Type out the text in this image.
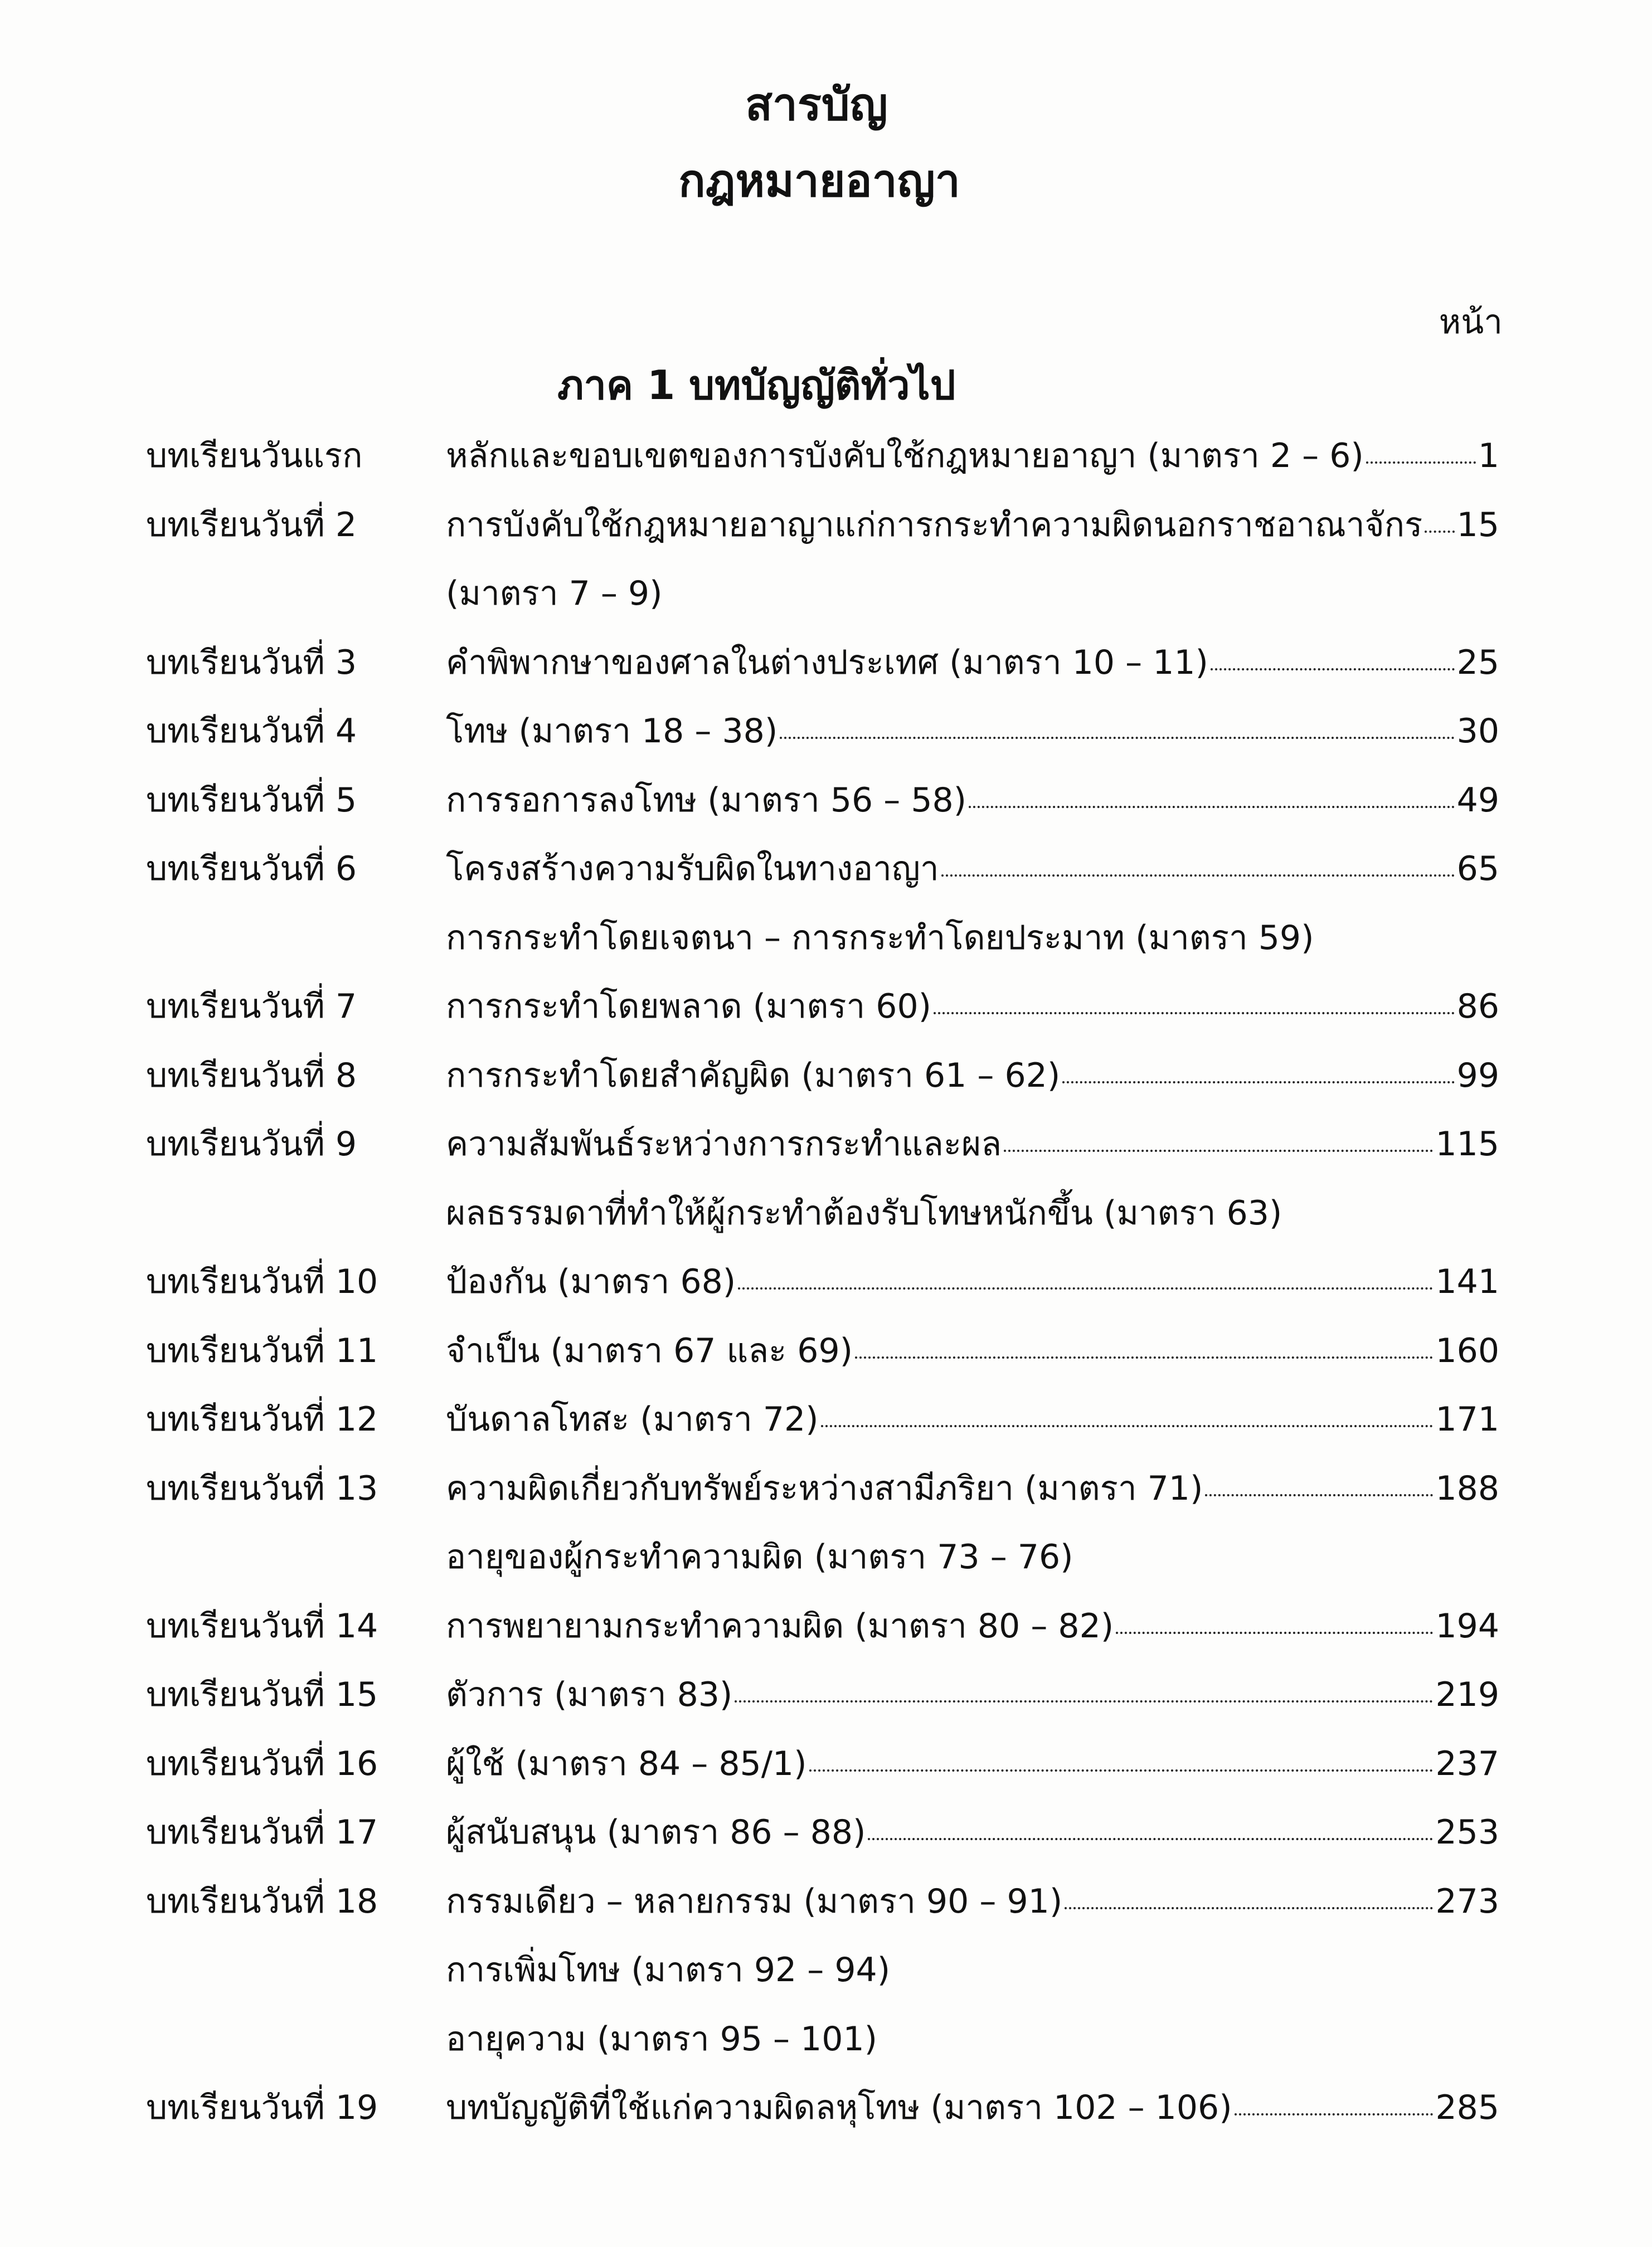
สารบัญ
กฎหมายอาญา
หน้า
ภาค 1 บทบัญญัติทั่วไป
บทเรียนวันแรก	หลักและขอบเขตของการบังคับใช้กฎหมายอาญา (มาตรา 2 – 6)	1
บทเรียนวันที่ 2	การบังคับใช้กฎหมายอาญาแก่การกระทำความผิดนอกราชอาณาจักร 15
(มาตรา 7 – 9)
บทเรียนวันที่ 3	คำพิพากษาของศาลในต่างประเทศ (มาตรา 10 – 11)	25
บทเรียนวันที่ 4	โทษ (มาตรา 18 – 38)	30
บทเรียนวันที่ 5	การรอการลงโทษ (มาตรา 56 – 58)	49
บทเรียนวันที่ 6	โครงสร้างความรับผิดในทางอาญา	65
การกระทำโดยเจตนา – การกระทำโดยประมาท (มาตรา 59)
บทเรียนวันที่ 7	การกระทำโดยพลาด (มาตรา 60)	86
บทเรียนวันที่ 8	การกระทำโดยสำคัญผิด (มาตรา 61 – 62)	99
บทเรียนวันที่ 9	ความสัมพันธ์ระหว่างการกระทำและผล	115
ผลธรรมดาที่ทำให้ผู้กระทำต้องรับโทษหนักขึ้น (มาตรา 63)
บทเรียนวันที่ 10	ป้องกัน (มาตรา 68)	141
บทเรียนวันที่ 11	จำเป็น (มาตรา 67 และ 69)	160
บทเรียนวันที่ 12	บันดาลโทสะ (มาตรา 72)	171
บทเรียนวันที่ 13	ความผิดเกี่ยวกับทรัพย์ระหว่างสามีภริยา (มาตรา 71)	188
อายุของผู้กระทำความผิด (มาตรา 73 – 76)
บทเรียนวันที่ 14	การพยายามกระทำความผิด (มาตรา 80 – 82)	194
บทเรียนวันที่ 15	ตัวการ (มาตรา 83)	219
บทเรียนวันที่ 16	ผู้ใช้ (มาตรา 84 – 85/1)	237
บทเรียนวันที่ 17	ผู้สนับสนุน (มาตรา 86 – 88)	253
บทเรียนวันที่ 18	กรรมเดียว – หลายกรรม (มาตรา 90 – 91)	273
การเพิ่มโทษ (มาตรา 92 – 94)
อายุความ (มาตรา 95 – 101)
บทเรียนวันที่ 19	บทบัญญัติที่ใช้แก่ความผิดลหุโทษ (มาตรา 102 – 106)	285
